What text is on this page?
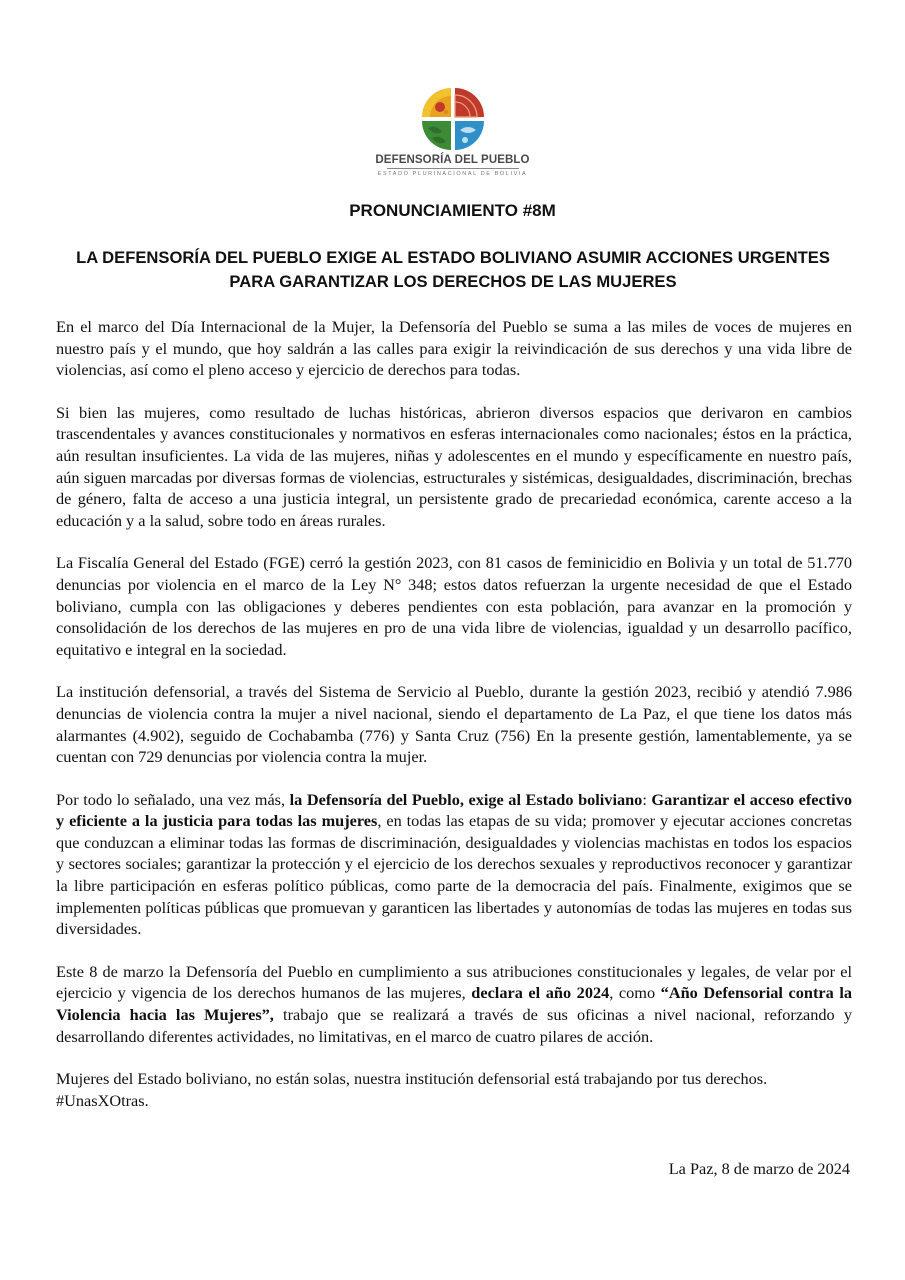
DEFENSORÍA DEL PUEBLO
ESTADO PLURINACIONAL DE BOLIVIA
PRONUNCIAMIENTO #8M
LA DEFENSORÍA DEL PUEBLO EXIGE AL ESTADO BOLIVIANO ASUMIR ACCIONES URGENTES
PARA GARANTIZAR LOS DERECHOS DE LAS MUJERES

En el marco del Día Internacional de la Mujer, la Defensoría del Pueblo se suma a las miles de voces de mujeres en nuestro país y el mundo, que hoy saldrán a las calles para exigir la reivindicación de sus derechos y una vida libre de violencias, así como el pleno acceso y ejercicio de derechos para todas.

Si bien las mujeres, como resultado de luchas históricas, abrieron diversos espacios que derivaron en cambios trascendentales y avances constitucionales y normativos en esferas internacionales como nacionales; éstos en la práctica, aún resultan insuficientes. La vida de las mujeres, niñas y adolescentes en el mundo y específicamente en nuestro país, aún siguen marcadas por diversas formas de violencias, estructurales y sistémicas, desigualdades, discriminación, brechas de género, falta de acceso a una justicia integral, un persistente grado de precariedad económica, carente acceso a la educación y a la salud, sobre todo en áreas rurales.

La Fiscalía General del Estado (FGE) cerró la gestión 2023, con 81 casos de feminicidio en Bolivia y un total de 51.770 denuncias por violencia en el marco de la Ley N° 348; estos datos refuerzan la urgente necesidad de que el Estado boliviano, cumpla con las obligaciones y deberes pendientes con esta población, para avanzar en la promoción y consolidación de los derechos de las mujeres en pro de una vida libre de violencias, igualdad y un desarrollo pacífico, equitativo e integral en la sociedad.

La institución defensorial, a través del Sistema de Servicio al Pueblo, durante la gestión 2023, recibió y atendió 7.986 denuncias de violencia contra la mujer a nivel nacional, siendo el departamento de La Paz, el que tiene los datos más alarmantes (4.902), seguido de Cochabamba (776) y Santa Cruz (756) En la presente gestión, lamentablemente, ya se cuentan con 729 denuncias por violencia contra la mujer.

Por todo lo señalado, una vez más, la Defensoría del Pueblo, exige al Estado boliviano: Garantizar el acceso efectivo y eficiente a la justicia para todas las mujeres, en todas las etapas de su vida; promover y ejecutar acciones concretas que conduzcan a eliminar todas las formas de discriminación, desigualdades y violencias machistas en todos los espacios y sectores sociales; garantizar la protección y el ejercicio de los derechos sexuales y reproductivos reconocer y garantizar la libre participación en esferas político públicas, como parte de la democracia del país. Finalmente, exigimos que se implementen políticas públicas que promuevan y garanticen las libertades y autonomías de todas las mujeres en todas sus diversidades.

Este 8 de marzo la Defensoría del Pueblo en cumplimiento a sus atribuciones constitucionales y legales, de velar por el ejercicio y vigencia de los derechos humanos de las mujeres, declara el año 2024, como “Año Defensorial contra la Violencia hacia las Mujeres”, trabajo que se realizará a través de sus oficinas a nivel nacional, reforzando y desarrollando diferentes actividades, no limitativas, en el marco de cuatro pilares de acción.

Mujeres del Estado boliviano, no están solas, nuestra institución defensorial está trabajando por tus derechos.
#UnasXOtras.

La Paz, 8 de marzo de 2024
